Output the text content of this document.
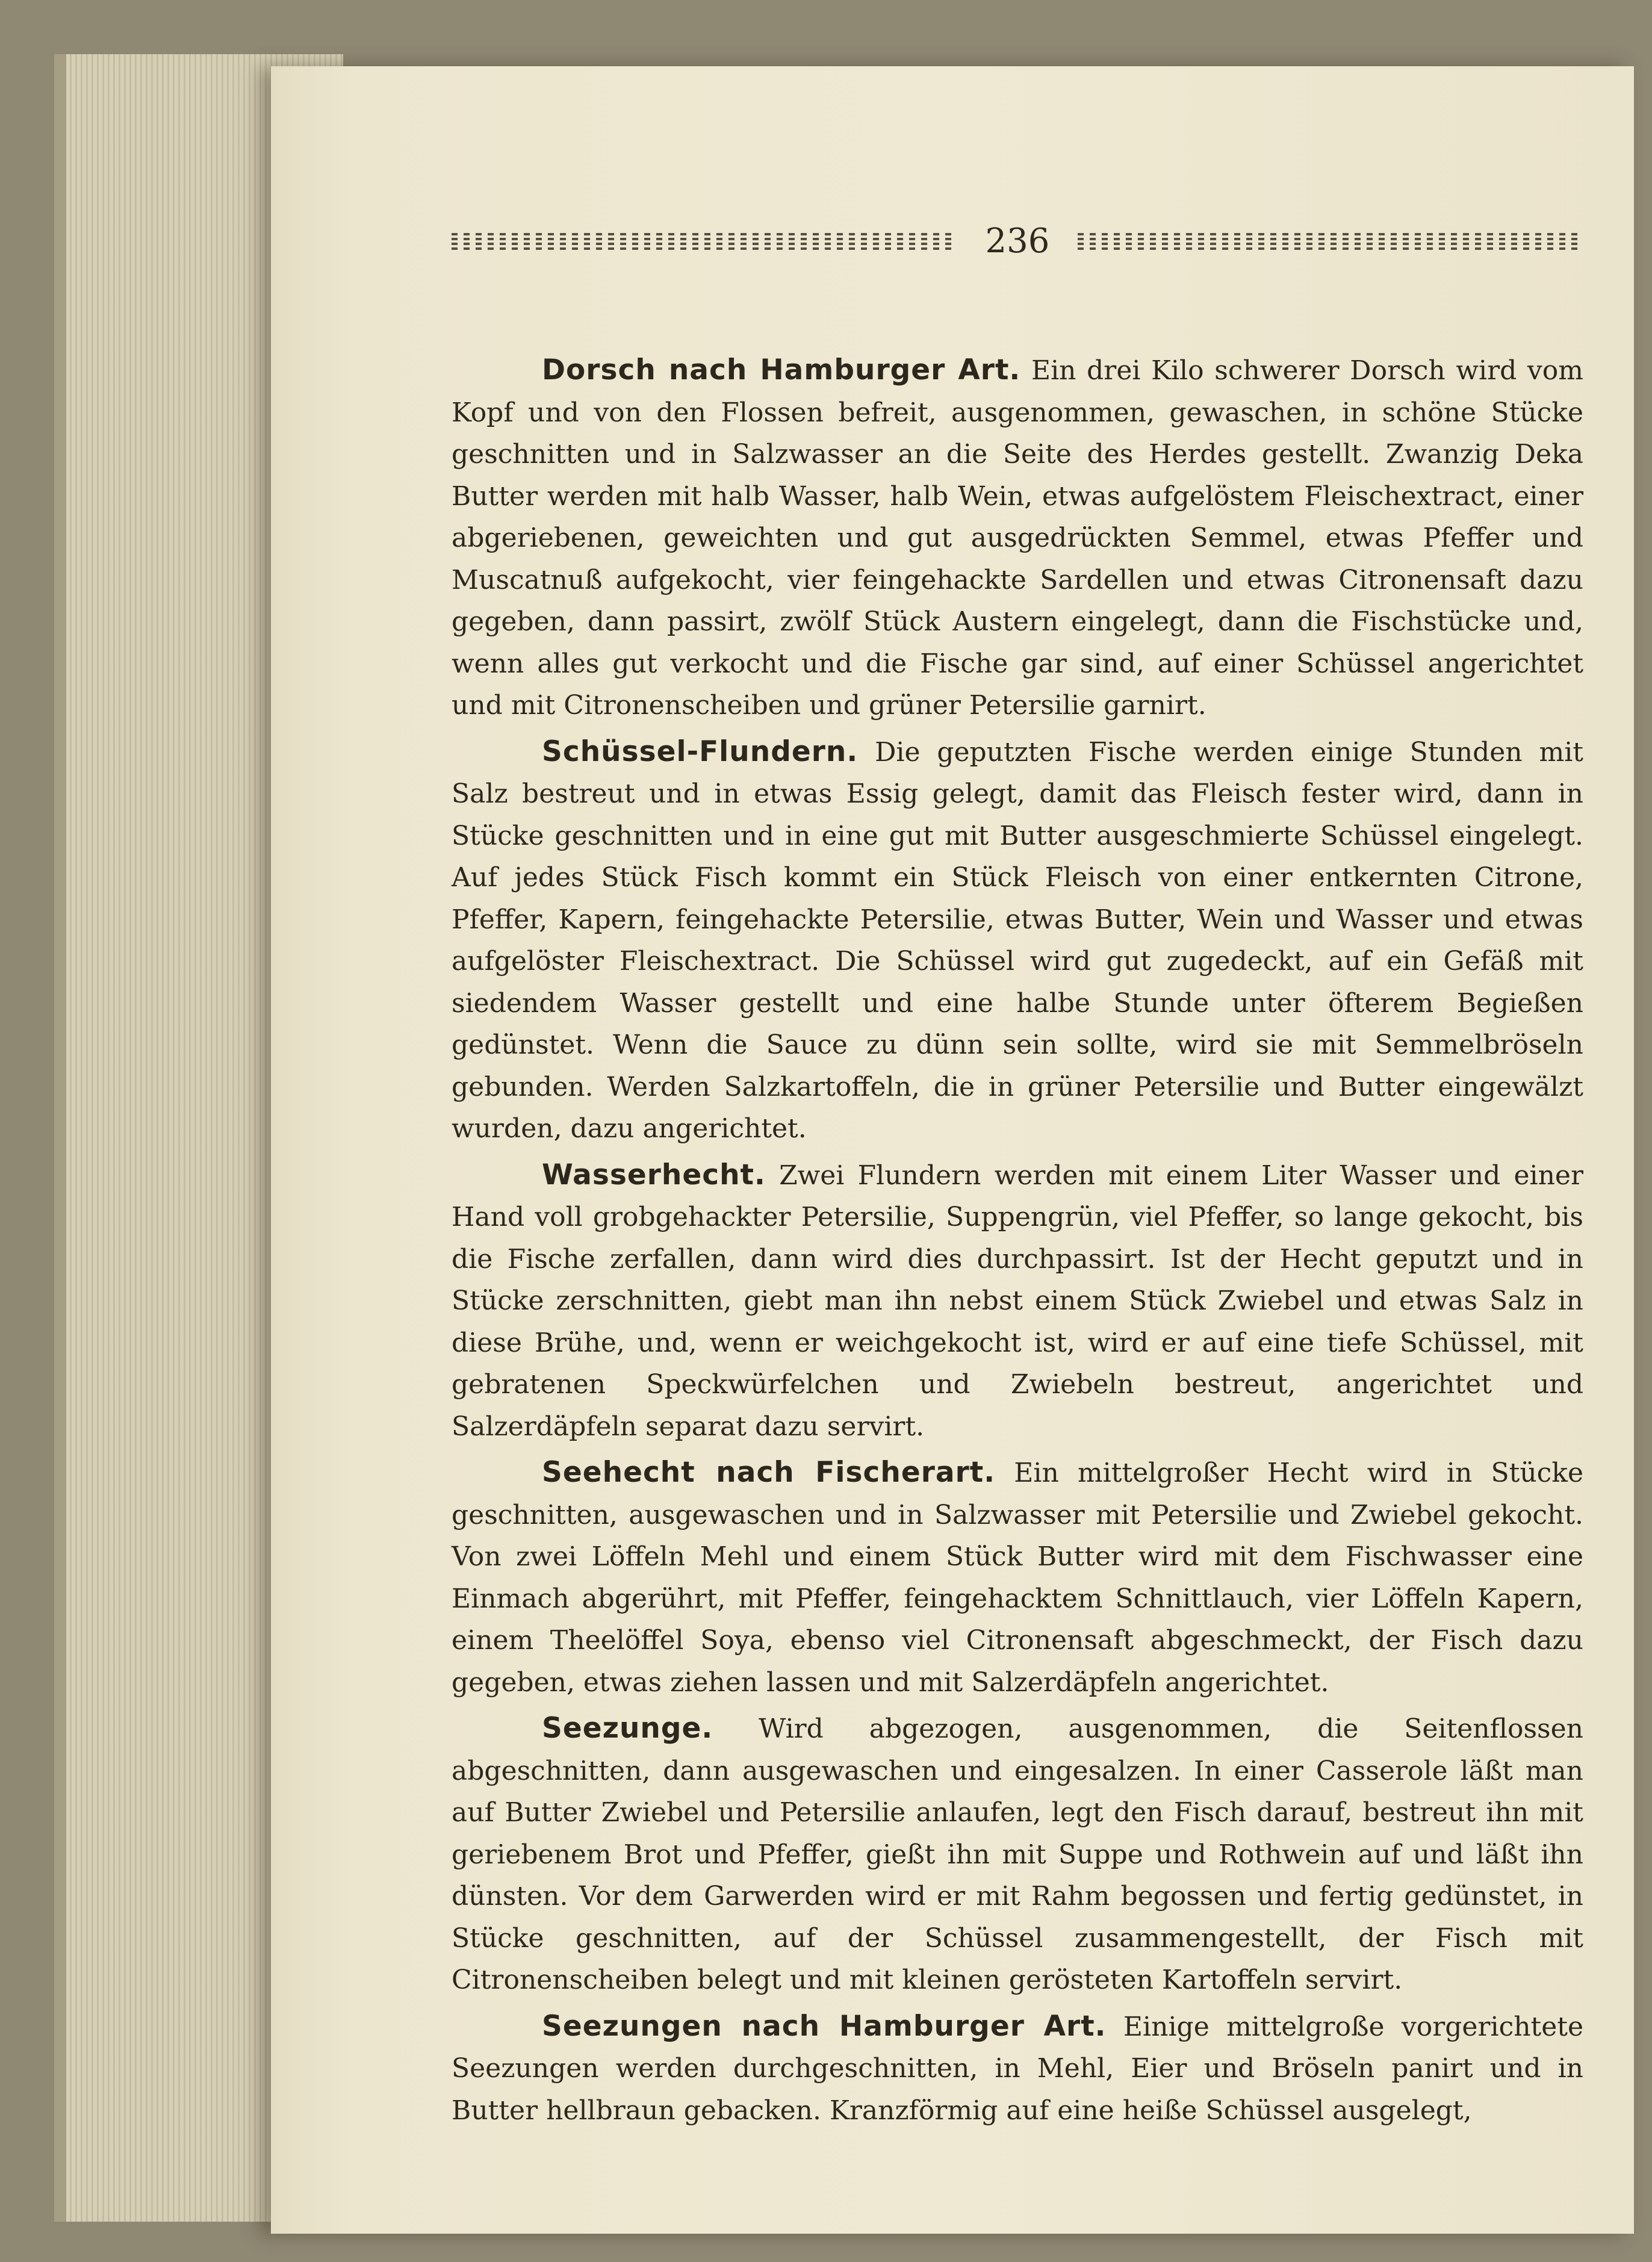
236

Dorsch nach Hamburger Art. Ein drei Kilo schwerer Dorsch wird vom Kopf und von den Flossen befreit, ausgenommen, gewaschen, in schöne Stücke geschnitten und in Salzwasser an die Seite des Herdes gestellt. Zwanzig Deka Butter werden mit halb Wasser, halb Wein, etwas aufgelöstem Fleischextract, einer abgeriebenen, geweichten und gut ausgedrückten Semmel, etwas Pfeffer und Muscatnuß aufgekocht, vier feingehackte Sardellen und etwas Citronensaft dazu gegeben, dann passirt, zwölf Stück Austern eingelegt, dann die Fischstücke und, wenn alles gut verkocht und die Fische gar sind, auf einer Schüssel angerichtet und mit Citronenscheiben und grüner Petersilie garnirt.

Schüssel-Flundern. Die geputzten Fische werden einige Stunden mit Salz bestreut und in etwas Essig gelegt, damit das Fleisch fester wird, dann in Stücke geschnitten und in eine gut mit Butter ausgeschmierte Schüssel eingelegt. Auf jedes Stück Fisch kommt ein Stück Fleisch von einer entkernten Citrone, Pfeffer, Kapern, feingehackte Petersilie, etwas Butter, Wein und Wasser und etwas aufgelöster Fleischextract. Die Schüssel wird gut zugedeckt, auf ein Gefäß mit siedendem Wasser gestellt und eine halbe Stunde unter öfterem Begießen gedünstet. Wenn die Sauce zu dünn sein sollte, wird sie mit Semmelbröseln gebunden. Werden Salzkartoffeln, die in grüner Petersilie und Butter eingewälzt wurden, dazu angerichtet.

Wasserhecht. Zwei Flundern werden mit einem Liter Wasser und einer Hand voll grobgehackter Petersilie, Suppengrün, viel Pfeffer, so lange gekocht, bis die Fische zerfallen, dann wird dies durchpassirt. Ist der Hecht geputzt und in Stücke zerschnitten, giebt man ihn nebst einem Stück Zwiebel und etwas Salz in diese Brühe, und, wenn er weichgekocht ist, wird er auf eine tiefe Schüssel, mit gebratenen Speckwürfelchen und Zwiebeln bestreut, angerichtet und Salzerdäpfeln separat dazu servirt.

Seehecht nach Fischerart. Ein mittelgroßer Hecht wird in Stücke geschnitten, ausgewaschen und in Salzwasser mit Petersilie und Zwiebel gekocht. Von zwei Löffeln Mehl und einem Stück Butter wird mit dem Fischwasser eine Einmach abgerührt, mit Pfeffer, feingehacktem Schnittlauch, vier Löffeln Kapern, einem Theelöffel Soya, ebenso viel Citronensaft abgeschmeckt, der Fisch dazu gegeben, etwas ziehen lassen und mit Salzerdäpfeln angerichtet.

Seezunge. Wird abgezogen, ausgenommen, die Seitenflossen abgeschnitten, dann ausgewaschen und eingesalzen. In einer Casserole läßt man auf Butter Zwiebel und Petersilie anlaufen, legt den Fisch darauf, bestreut ihn mit geriebenem Brot und Pfeffer, gießt ihn mit Suppe und Rothwein auf und läßt ihn dünsten. Vor dem Garwerden wird er mit Rahm begossen und fertig gedünstet, in Stücke geschnitten, auf der Schüssel zusammengestellt, der Fisch mit Citronenscheiben belegt und mit kleinen gerösteten Kartoffeln servirt.

Seezungen nach Hamburger Art. Einige mittelgroße vorgerichtete Seezungen werden durchgeschnitten, in Mehl, Eier und Bröseln panirt und in Butter hellbraun gebacken. Kranzförmig auf eine heiße Schüssel ausgelegt,
